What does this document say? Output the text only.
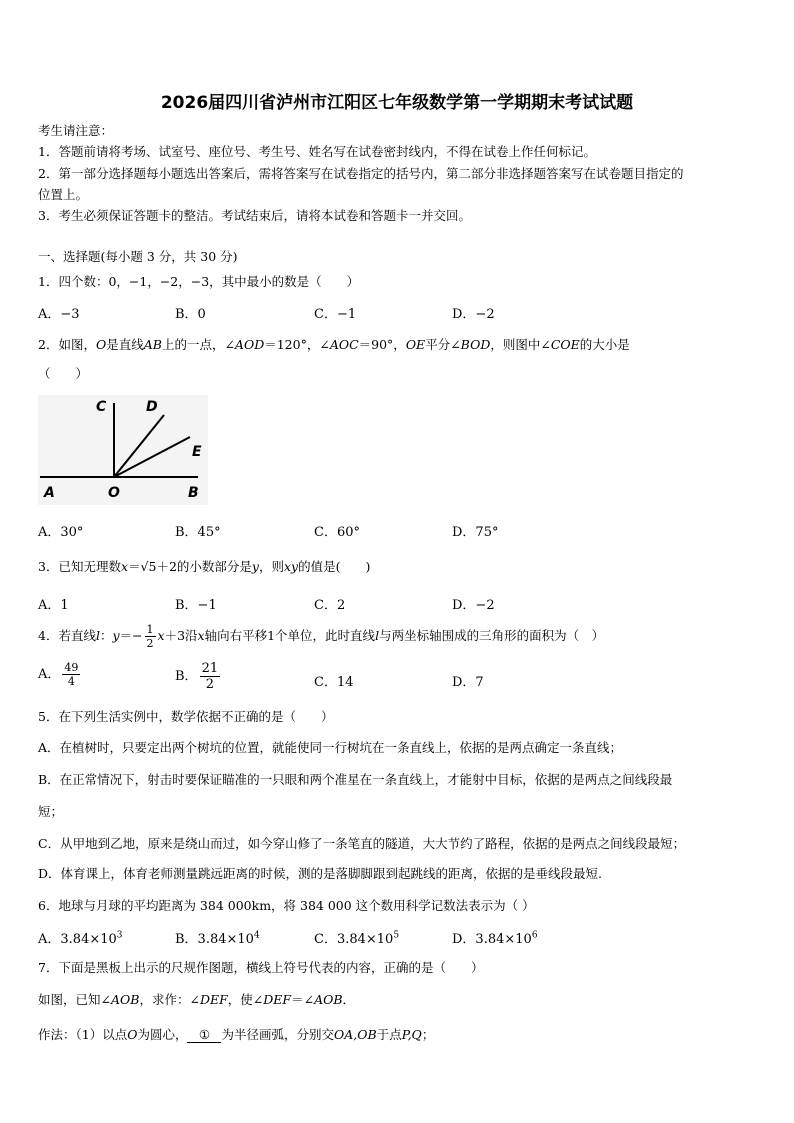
2026届四川省泸州市江阳区七年级数学第一学期期末考试试题
考生请注意：
1．答题前请将考场、试室号、座位号、考生号、姓名写在试卷密封线内，不得在试卷上作任何标记。
2．第一部分选择题每小题选出答案后，需将答案写在试卷指定的括号内，第二部分非选择题答案写在试卷题目指定的
位置上。
3．考生必须保证答题卡的整洁。考试结束后，请将本试卷和答题卡一并交回。
一、选择题(每小题 3 分，共 30 分)
1．四个数：0，−1，−2，−3，其中最小的数是（　　）
A．−3	B．0	C．−1	D．−2
2．如图，O是直线AB上的一点，∠AOD＝120°，∠AOC＝90°，OE平分∠BOD，则图中∠COE的大小是
（　　）
C	D
E
A	O	B
A．30°	B．45°	C．60°	D．75°
3．已知无理数x＝√5＋2的小数部分是y，则xy的值是(　　)
A．1	B．−1	C．2	D．−2
4．若直线l：$y=- \frac{1}{2} x+3$沿x轴向右平移1个单位，此时直线l与两坐标轴围成的三角形的面积为（　）
A． $\frac{49}{4}$	B． $\frac{21}{2}$	C．14	D．7
5．在下列生活实例中，数学依据不正确的是（　　）
A．在植树时，只要定出两个树坑的位置，就能使同一行树坑在一条直线上，依据的是两点确定一条直线；
B．在正常情况下，射击时要保证瞄准的一只眼和两个准星在一条直线上，才能射中目标，依据的是两点之间线段最
短；
C．从甲地到乙地，原来是绕山而过，如今穿山修了一条笔直的隧道，大大节约了路程，依据的是两点之间线段最短；
D．体育课上，体育老师测量跳远距离的时候，测的是落脚脚跟到起跳线的距离，依据的是垂线段最短.
6．地球与月球的平均距离为 384 000km，将 384 000 这个数用科学记数法表示为（ ）
A．$3.84\times 10^3$	B．$3.84\times 10^4$	C．$3.84\times 10^5$	D．$3.84\times 10^6$
7．下面是黑板上出示的尺规作图题，横线上符号代表的内容，正确的是（　　）
如图，已知∠AOB，求作：∠DEF，使∠DEF＝∠AOB．
作法：（1）以点O为圆心， ① 为半径画弧，分别交OA,OB于点P,Q；
